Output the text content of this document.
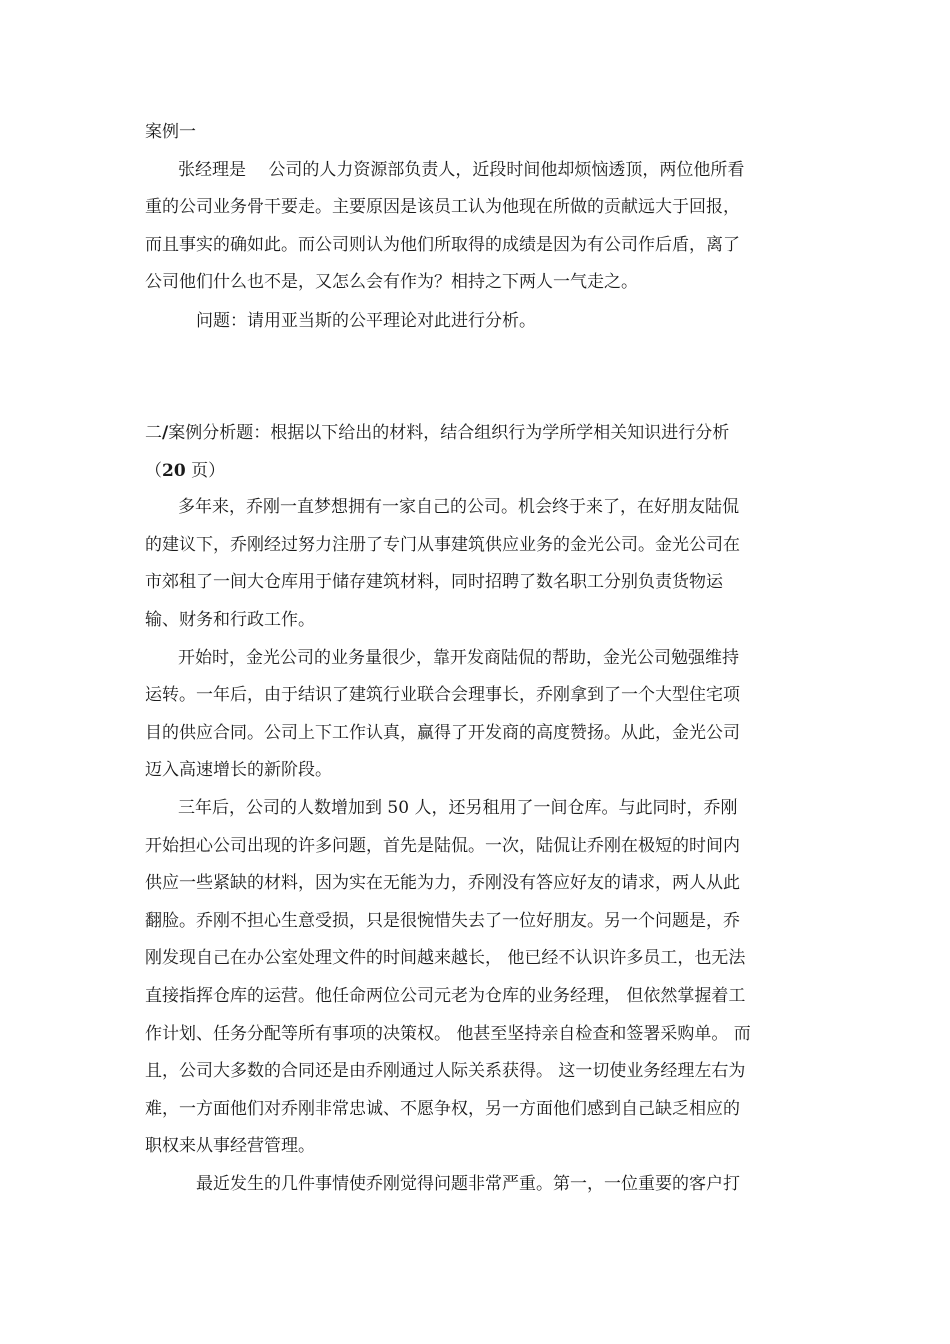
案例一
张经理是　 公司的人力资源部负责人，近段时间他却烦恼透顶，两位他所看
重的公司业务骨干要走。主要原因是该员工认为他现在所做的贡献远大于回报，
而且事实的确如此。而公司则认为他们所取得的成绩是因为有公司作后盾，离了
公司他们什么也不是，又怎么会有作为？相持之下两人一气走之。
问题：请用亚当斯的公平理论对此进行分析。
二/案例分析题：根据以下给出的材料，结合组织行为学所学相关知识进行分析
（20 页）
多年来，乔刚一直梦想拥有一家自己的公司。机会终于来了，在好朋友陆侃
的建议下，乔刚经过努力注册了专门从事建筑供应业务的金光公司。金光公司在
市郊租了一间大仓库用于储存建筑材料，同时招聘了数名职工分别负责货物运
输、财务和行政工作。
开始时，金光公司的业务量很少，靠开发商陆侃的帮助，金光公司勉强维持
运转。一年后，由于结识了建筑行业联合会理事长，乔刚拿到了一个大型住宅项
目的供应合同。公司上下工作认真，赢得了开发商的高度赞扬。从此，金光公司
迈入高速增长的新阶段。
三年后，公司的人数增加到 50 人，还另租用了一间仓库。与此同时，乔刚
开始担心公司出现的许多问题，首先是陆侃。一次，陆侃让乔刚在极短的时间内
供应一些紧缺的材料，因为实在无能为力，乔刚没有答应好友的请求，两人从此
翻脸。乔刚不担心生意受损，只是很惋惜失去了一位好朋友。另一个问题是，乔
刚发现自己在办公室处理文件的时间越来越长， 他已经不认识许多员工，也无法
直接指挥仓库的运营。他任命两位公司元老为仓库的业务经理， 但依然掌握着工
作计划、任务分配等所有事项的决策权。 他甚至坚持亲自检查和签署采购单。 而
且，公司大多数的合同还是由乔刚通过人际关系获得。 这一切使业务经理左右为
难，一方面他们对乔刚非常忠诚、不愿争权，另一方面他们感到自己缺乏相应的
职权来从事经营管理。
最近发生的几件事情使乔刚觉得问题非常严重。第一，一位重要的客户打
